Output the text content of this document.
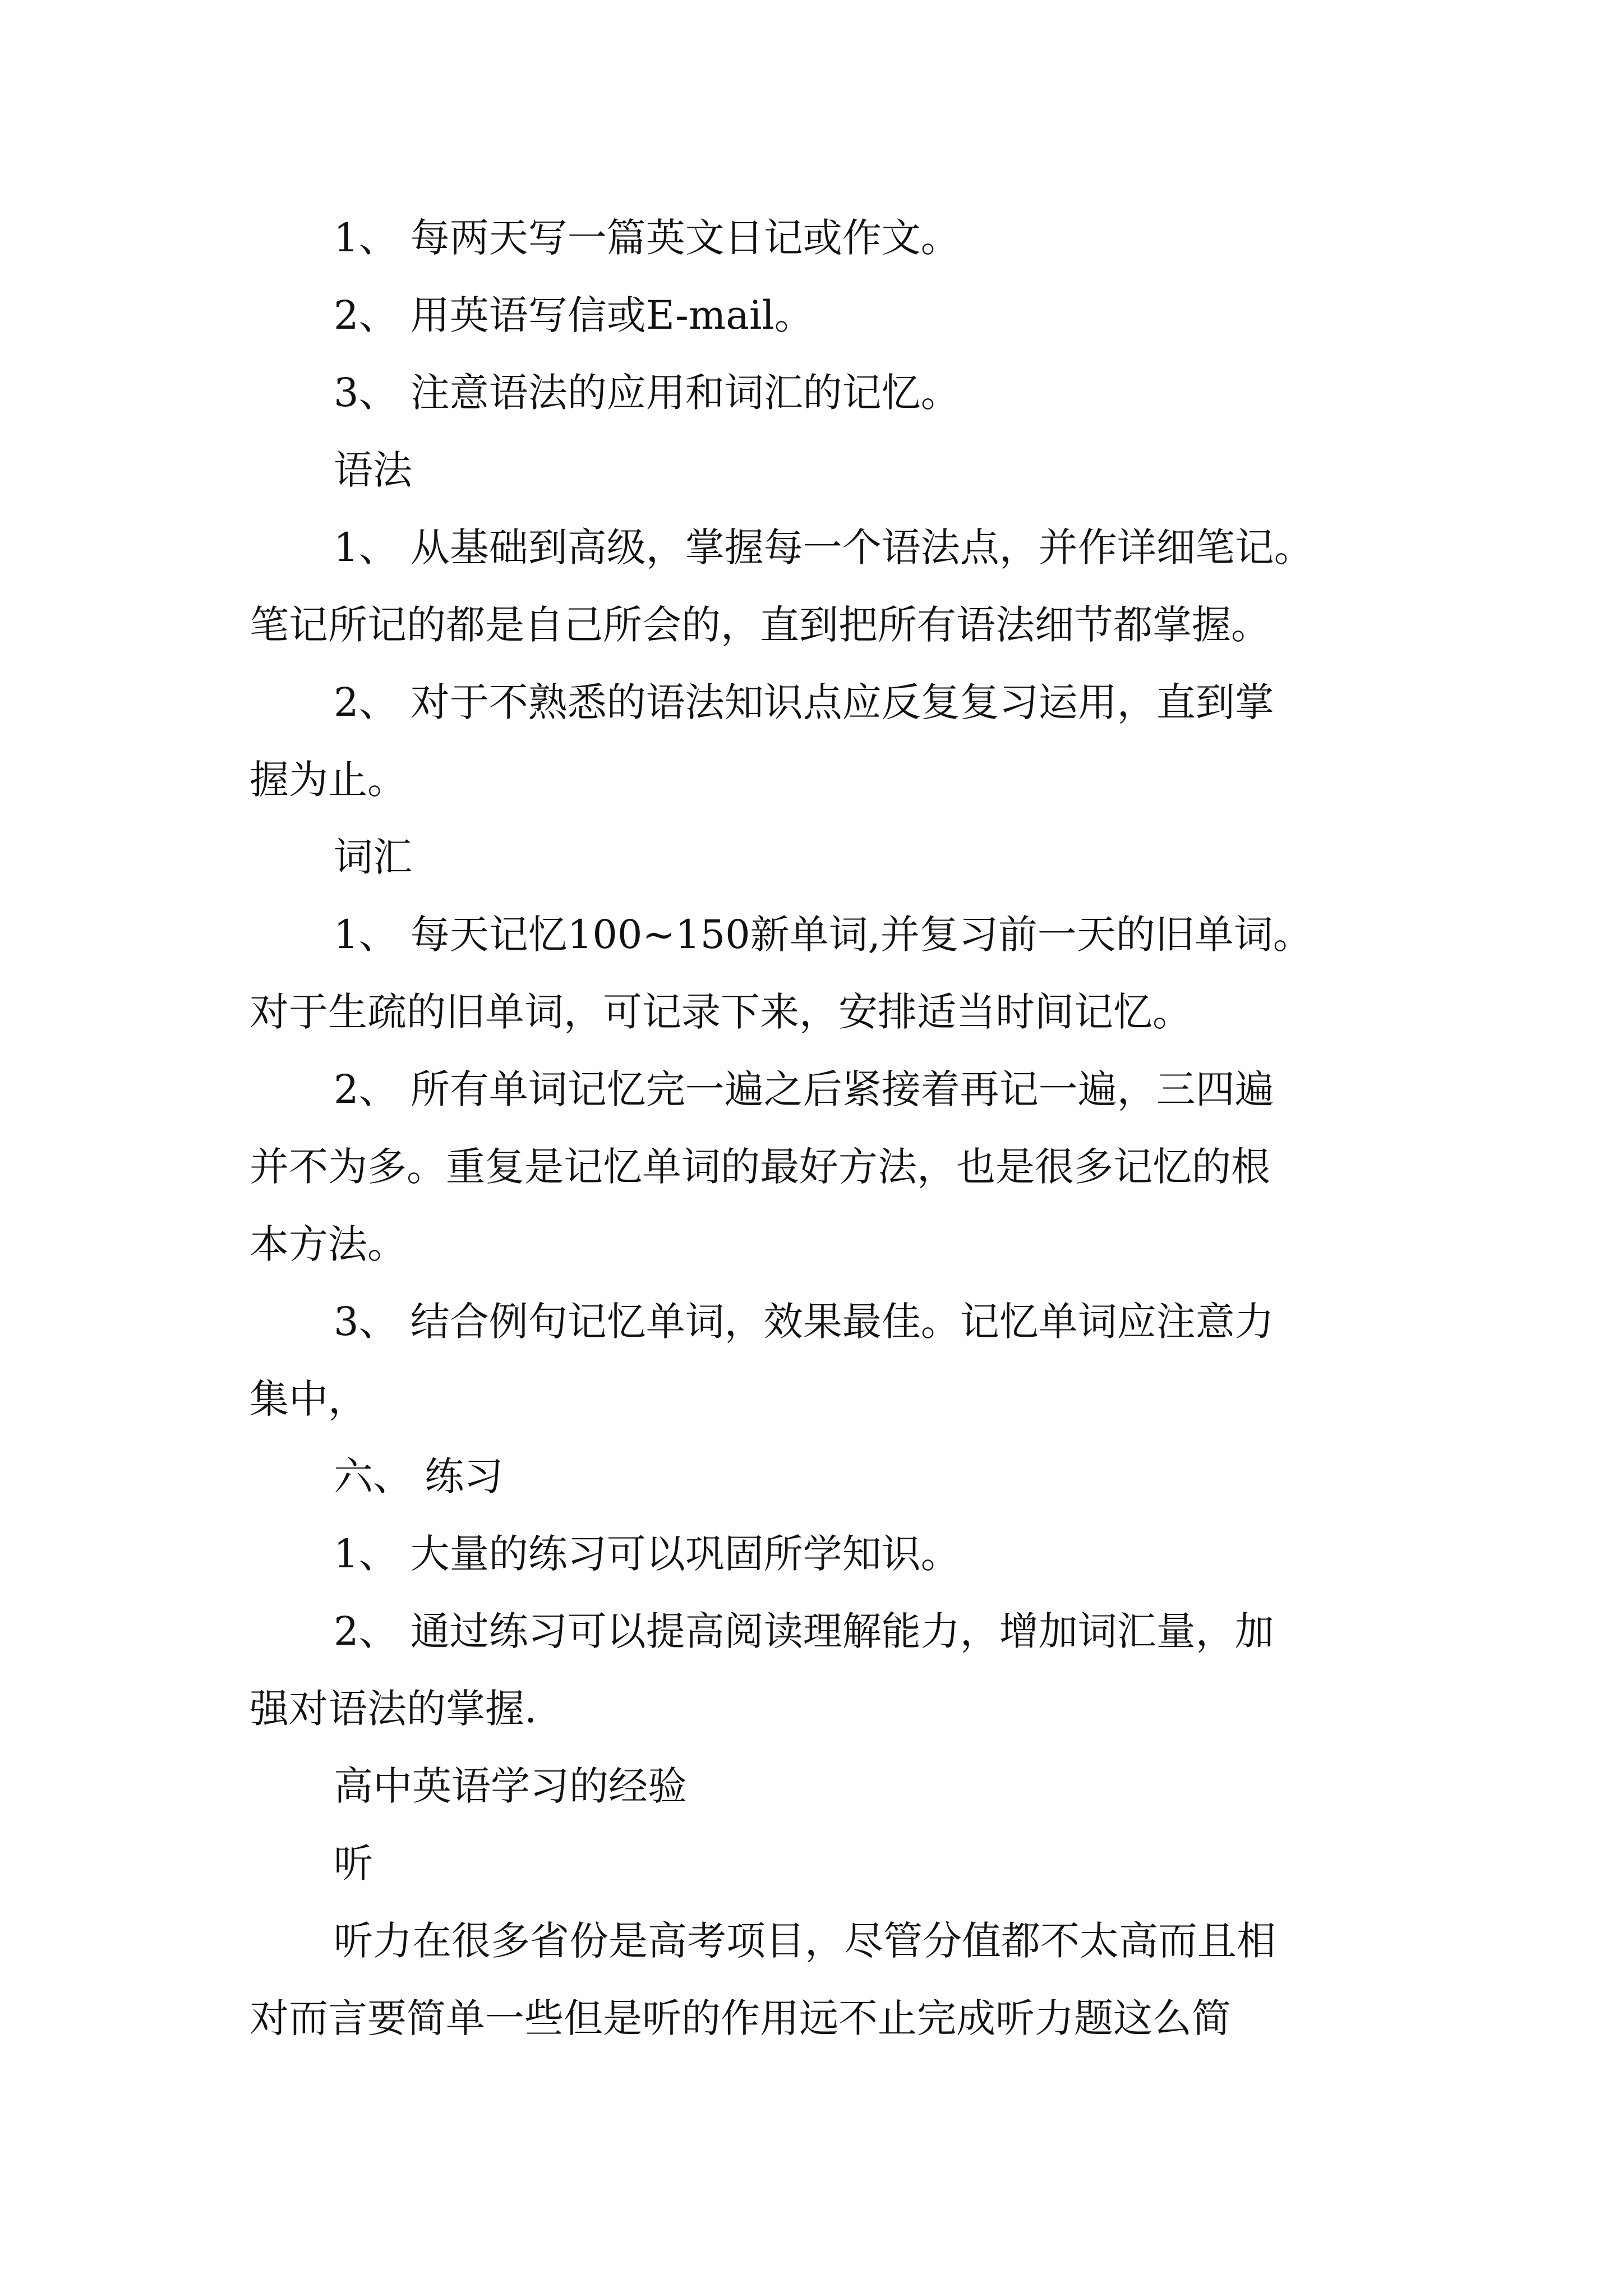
1、 每两天写一篇英文日记或作文。

2、 用英语写信或E-mail。

3、 注意语法的应用和词汇的记忆。

语法

1、 从基础到高级，掌握每一个语法点，并作详细笔记。
笔记所记的都是自己所会的，直到把所有语法细节都掌握。

2、 对于不熟悉的语法知识点应反复复习运用，直到掌
握为止。

词汇

1、 每天记忆100~150新单词,并复习前一天的旧单词。
对于生疏的旧单词，可记录下来，安排适当时间记忆。

2、 所有单词记忆完一遍之后紧接着再记一遍，三四遍
并不为多。重复是记忆单词的最好方法，也是很多记忆的根
本方法。

3、 结合例句记忆单词，效果最佳。记忆单词应注意力
集中，

六、 练习

1、 大量的练习可以巩固所学知识。

2、 通过练习可以提高阅读理解能力，增加词汇量，加
强对语法的掌握.

高中英语学习的经验

听

听力在很多省份是高考项目，尽管分值都不太高而且相
对而言要简单一些但是听的作用远不止完成听力题这么简
